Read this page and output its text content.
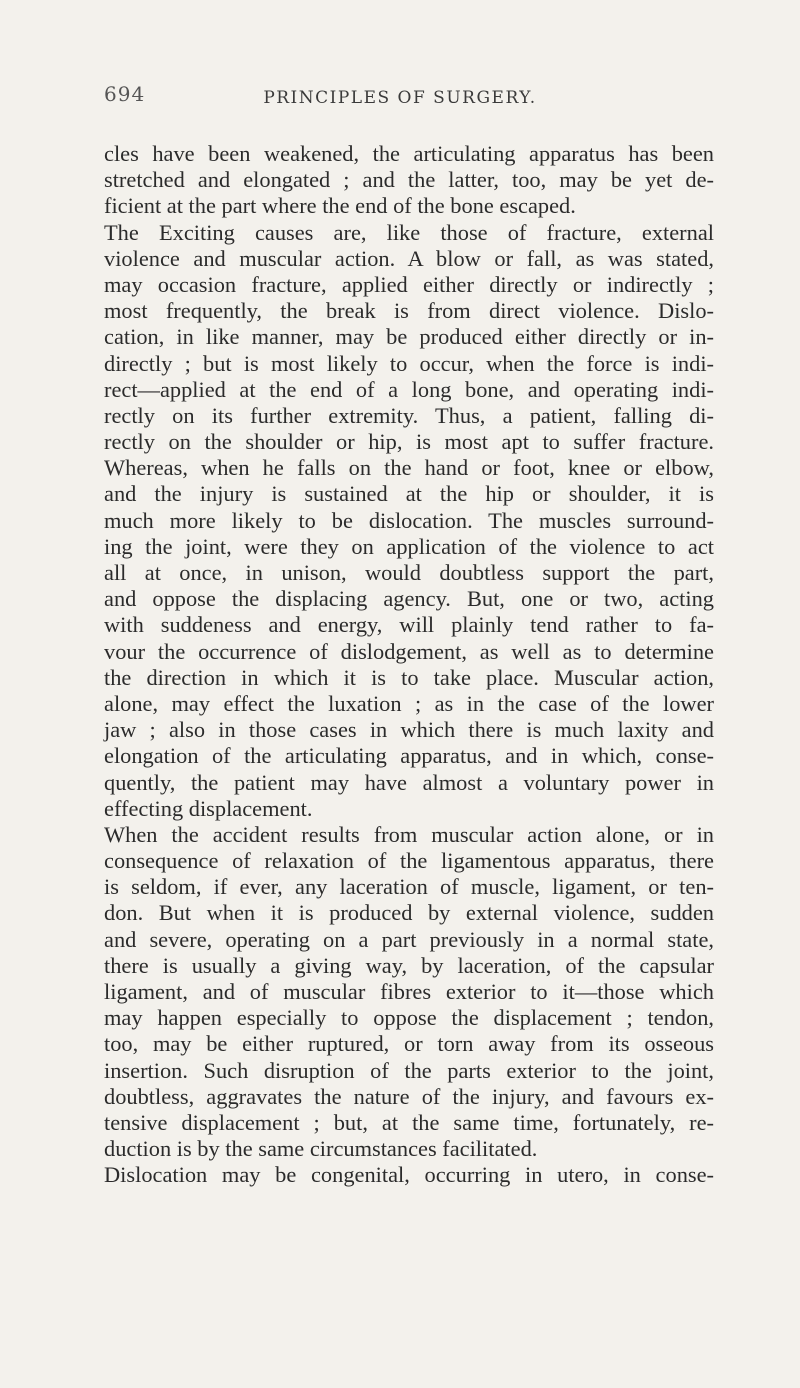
694	PRINCIPLES OF SURGERY.
cles have been weakened, the articulating apparatus has been
stretched and elongated ; and the latter, too, may be yet de-
ficient at the part where the end of the bone escaped.
The Exciting causes are, like those of fracture, external
violence and muscular action. A blow or fall, as was stated,
may occasion fracture, applied either directly or indirectly ;
most frequently, the break is from direct violence. Dislo-
cation, in like manner, may be produced either directly or in-
directly ; but is most likely to occur, when the force is indi-
rect—applied at the end of a long bone, and operating indi-
rectly on its further extremity. Thus, a patient, falling di-
rectly on the shoulder or hip, is most apt to suffer fracture.
Whereas, when he falls on the hand or foot, knee or elbow,
and the injury is sustained at the hip or shoulder, it is
much more likely to be dislocation. The muscles surround-
ing the joint, were they on application of the violence to act
all at once, in unison, would doubtless support the part,
and oppose the displacing agency. But, one or two, acting
with suddeness and energy, will plainly tend rather to fa-
vour the occurrence of dislodgement, as well as to determine
the direction in which it is to take place. Muscular action,
alone, may effect the luxation ; as in the case of the lower
jaw ; also in those cases in which there is much laxity and
elongation of the articulating apparatus, and in which, conse-
quently, the patient may have almost a voluntary power in
effecting displacement.
When the accident results from muscular action alone, or in
consequence of relaxation of the ligamentous apparatus, there
is seldom, if ever, any laceration of muscle, ligament, or ten-
don. But when it is produced by external violence, sudden
and severe, operating on a part previously in a normal state,
there is usually a giving way, by laceration, of the capsular
ligament, and of muscular fibres exterior to it—those which
may happen especially to oppose the displacement ; tendon,
too, may be either ruptured, or torn away from its osseous
insertion. Such disruption of the parts exterior to the joint,
doubtless, aggravates the nature of the injury, and favours ex-
tensive displacement ; but, at the same time, fortunately, re-
duction is by the same circumstances facilitated.
Dislocation may be congenital, occurring in utero, in conse-
